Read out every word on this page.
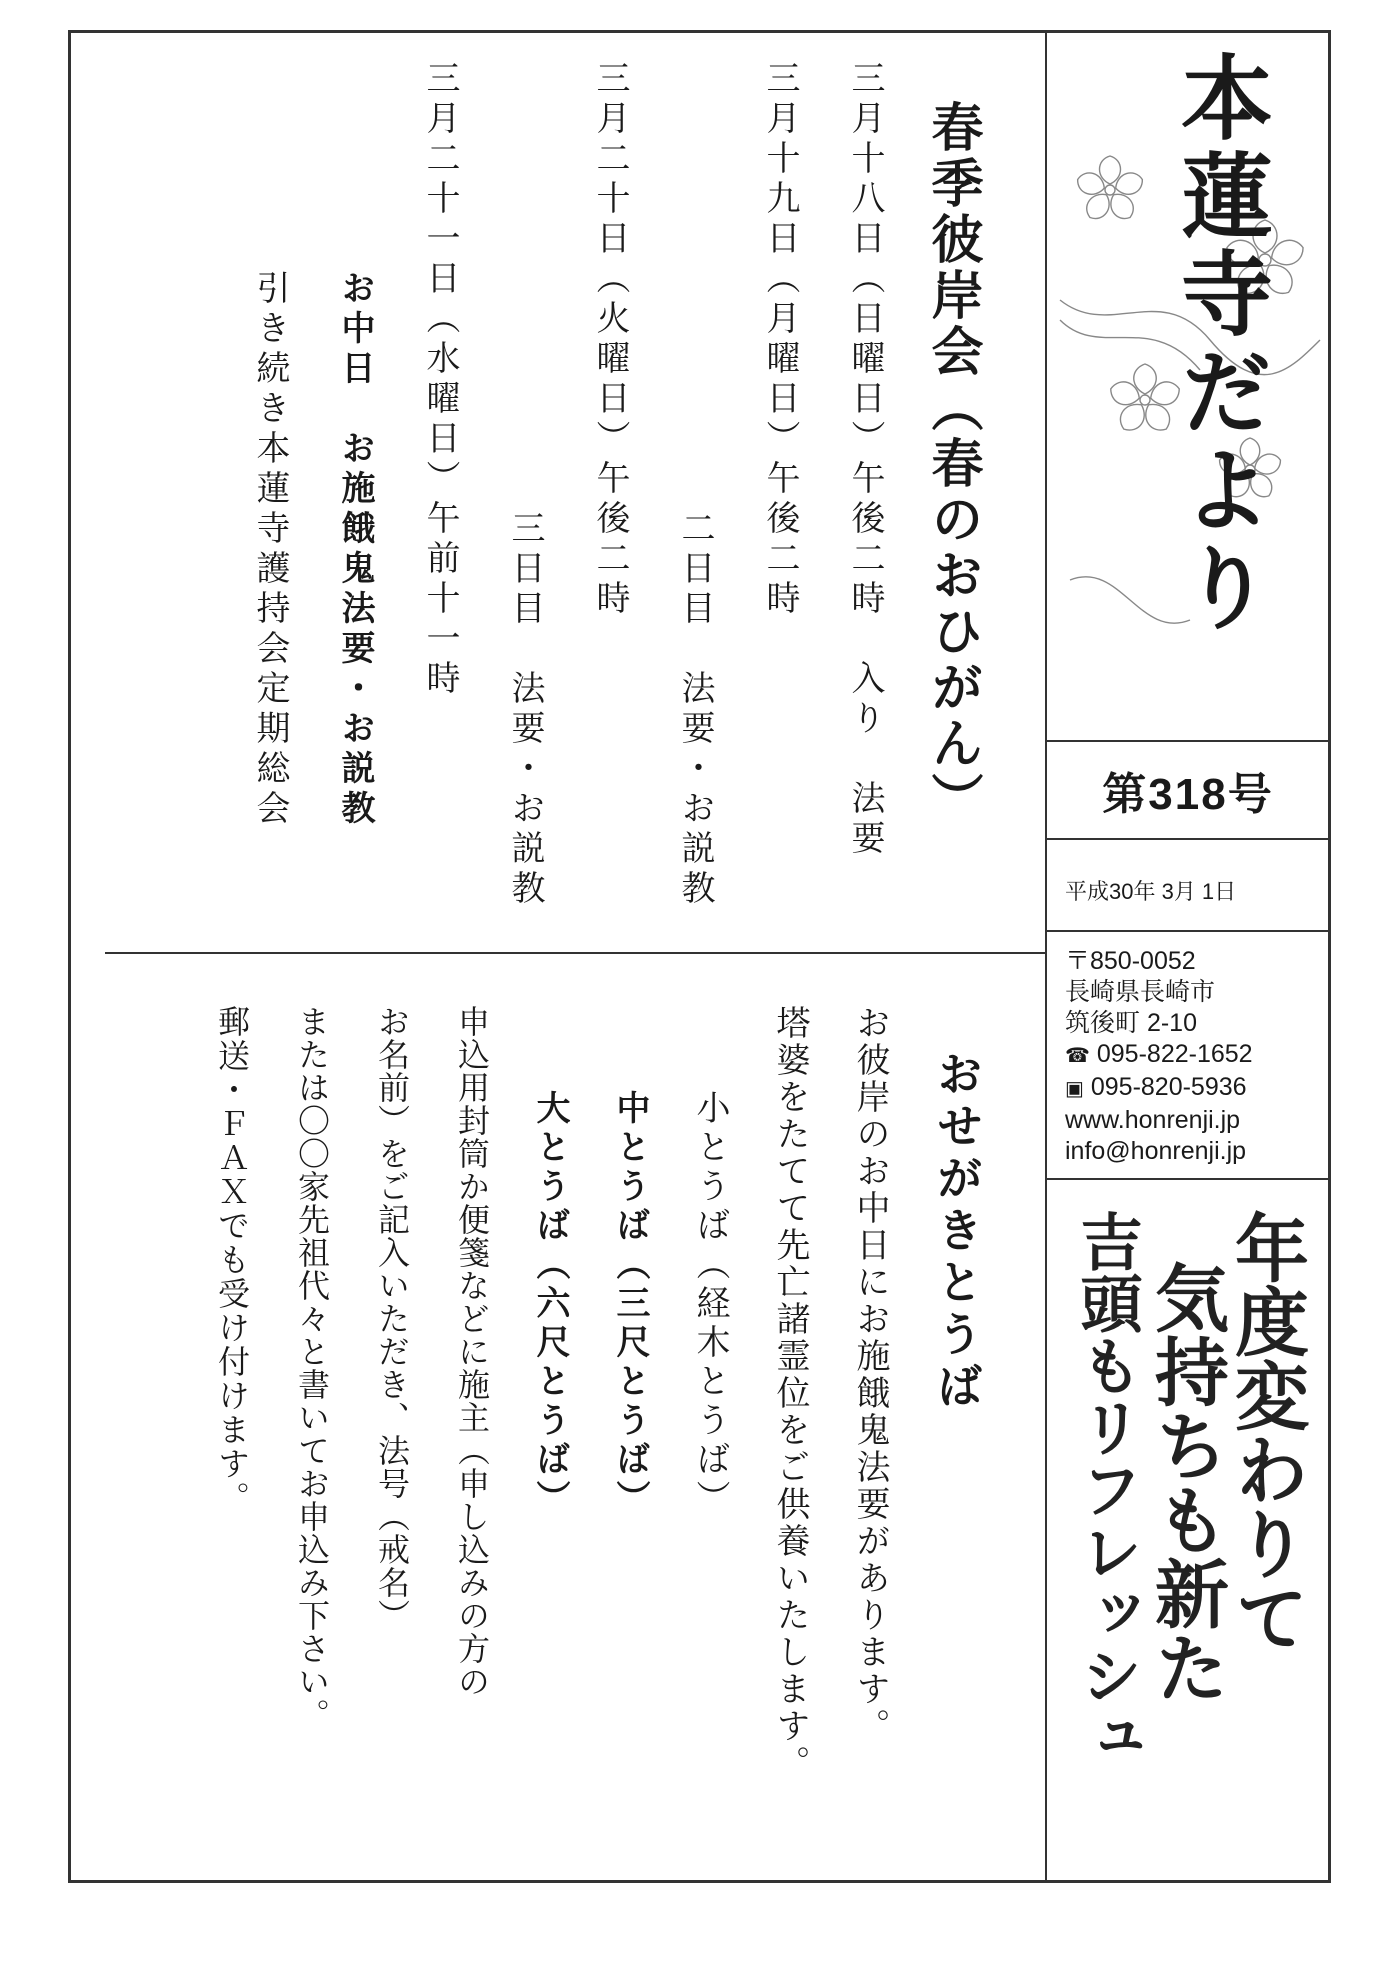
本蓮寺だより
第318号
平成30年 3月 1日
〒850-0052
長崎県長崎市
筑後町 2-10
☎ 095-822-1652
▣ 095-820-5936
www.honrenji.jp
info@honrenji.jp
年度変わりて
気持ちも新た
吉頭もリフレッシュ
春季彼岸会（春のおひがん）
三月十八日（日曜日）午後二時　入り　法要
三月十九日（月曜日）午後二時
二日目　法要・お説教
三月二十日（火曜日）午後二時
三日目　法要・お説教
三月二十一日（水曜日）午前十一時
お中日　お施餓鬼法要・お説教
引き続き本蓮寺護持会定期総会
おせがきとうば
お彼岸のお中日にお施餓鬼法要があります。
塔婆をたてて先亡諸霊位をご供養いたします。
小とうば（経木とうば）
中とうば（三尺とうば）
大とうば（六尺とうば）
申込用封筒か便箋などに施主（申し込みの方の
お名前）をご記入いただき、法号（戒名）
または〇〇家先祖代々と書いてお申込み下さい。
郵送・ＦＡＸでも受け付けます。
